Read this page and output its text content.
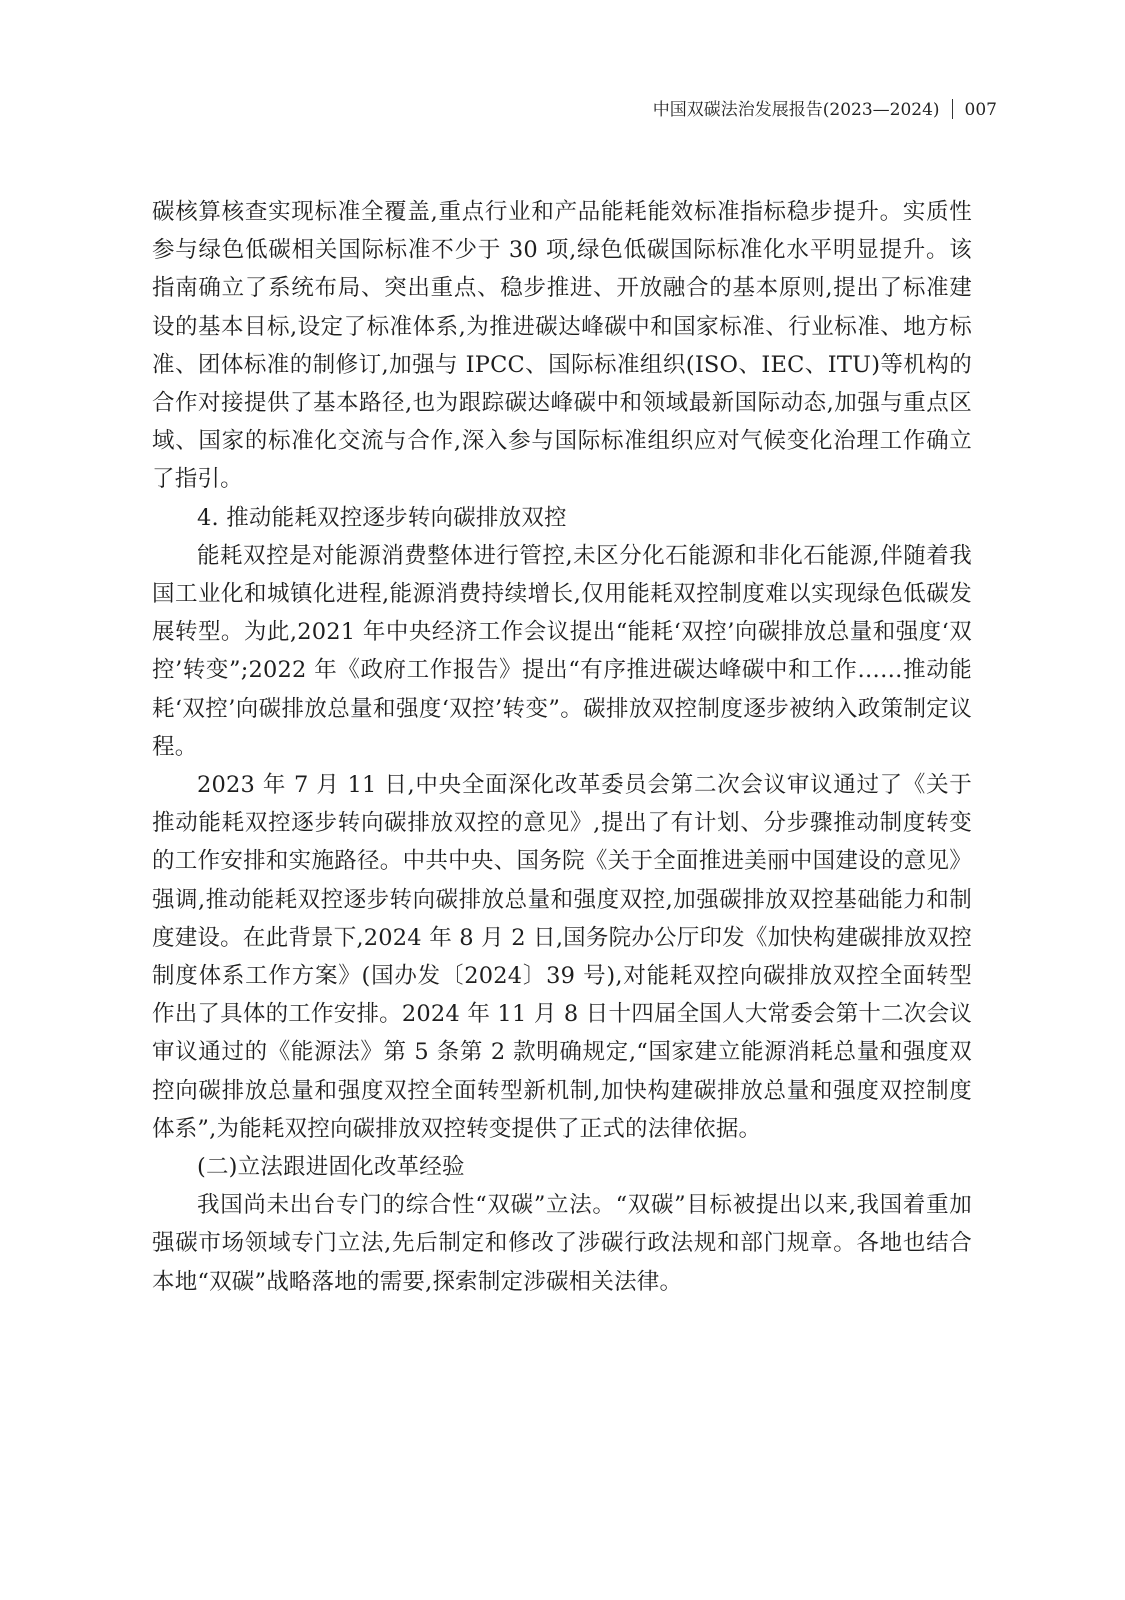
中国双碳法治发展报告(2023—2024) 007

碳核算核查实现标准全覆盖,重点行业和产品能耗能效标准指标稳步提升。实质性参与绿色低碳相关国际标准不少于 30 项,绿色低碳国际标准化水平明显提升。该指南确立了系统布局、突出重点、稳步推进、开放融合的基本原则,提出了标准建设的基本目标,设定了标准体系,为推进碳达峰碳中和国家标准、行业标准、地方标准、团体标准的制修订,加强与 IPCC、国际标准组织(ISO、IEC、ITU)等机构的合作对接提供了基本路径,也为跟踪碳达峰碳中和领域最新国际动态,加强与重点区域、国家的标准化交流与合作,深入参与国际标准组织应对气候变化治理工作确立了指引。

4. 推动能耗双控逐步转向碳排放双控

能耗双控是对能源消费整体进行管控,未区分化石能源和非化石能源,伴随着我国工业化和城镇化进程,能源消费持续增长,仅用能耗双控制度难以实现绿色低碳发展转型。为此,2021 年中央经济工作会议提出“能耗‘双控’向碳排放总量和强度‘双控’转变”;2022 年《政府工作报告》提出“有序推进碳达峰碳中和工作……推动能耗‘双控’向碳排放总量和强度‘双控’转变”。碳排放双控制度逐步被纳入政策制定议程。

2023 年 7 月 11 日,中央全面深化改革委员会第二次会议审议通过了《关于推动能耗双控逐步转向碳排放双控的意见》,提出了有计划、分步骤推动制度转变的工作安排和实施路径。中共中央、国务院《关于全面推进美丽中国建设的意见》强调,推动能耗双控逐步转向碳排放总量和强度双控,加强碳排放双控基础能力和制度建设。在此背景下,2024 年 8 月 2 日,国务院办公厅印发《加快构建碳排放双控制度体系工作方案》(国办发〔2024〕39 号),对能耗双控向碳排放双控全面转型作出了具体的工作安排。2024 年 11 月 8 日十四届全国人大常委会第十二次会议审议通过的《能源法》第 5 条第 2 款明确规定,“国家建立能源消耗总量和强度双控向碳排放总量和强度双控全面转型新机制,加快构建碳排放总量和强度双控制度体系”,为能耗双控向碳排放双控转变提供了正式的法律依据。

(二)立法跟进固化改革经验

我国尚未出台专门的综合性“双碳”立法。“双碳”目标被提出以来,我国着重加强碳市场领域专门立法,先后制定和修改了涉碳行政法规和部门规章。各地也结合本地“双碳”战略落地的需要,探索制定涉碳相关法律。
